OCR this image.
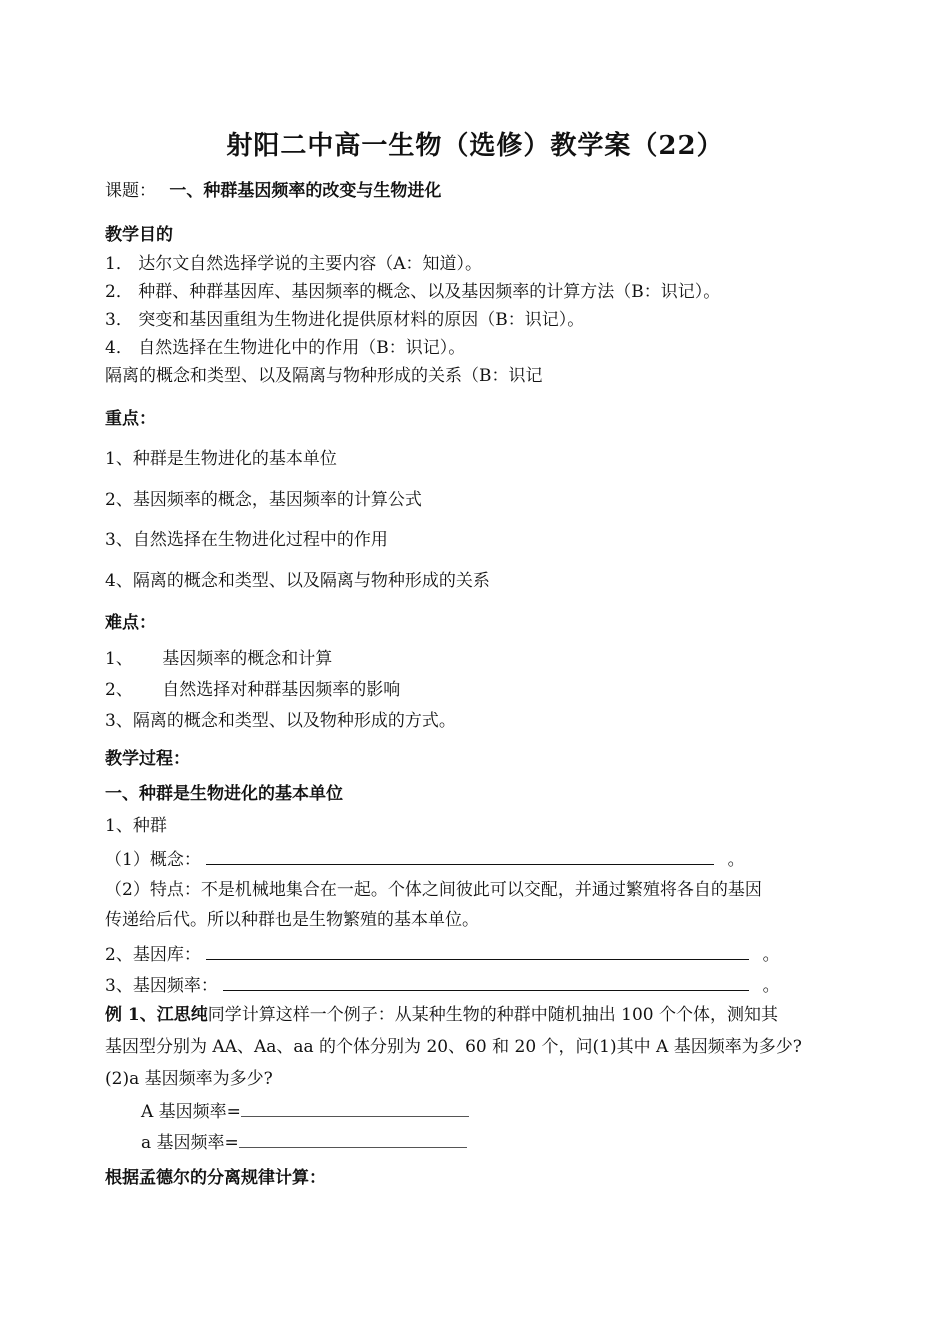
射阳二中高一生物（选修）教学案（22）
课题： 一、种群基因频率的改变与生物进化
教学目的
1． 达尔文自然选择学说的主要内容（A：知道）。
2． 种群、种群基因库、基因频率的概念、以及基因频率的计算方法（B：识记）。
3． 突变和基因重组为生物进化提供原材料的原因（B：识记）。
4． 自然选择在生物进化中的作用（B：识记）。
隔离的概念和类型、以及隔离与物种形成的关系（B：识记
重点：
1、种群是生物进化的基本单位
2、基因频率的概念，基因频率的计算公式
3、自然选择在生物进化过程中的作用
4、隔离的概念和类型、以及隔离与物种形成的关系
难点：
1、 基因频率的概念和计算
2、 自然选择对种群基因频率的影响
3、隔离的概念和类型、以及物种形成的方式。
教学过程：
一、种群是生物进化的基本单位
1、种群
（1）概念：	。
（2）特点：不是机械地集合在一起。个体之间彼此可以交配，并通过繁殖将各自的基因
传递给后代。所以种群也是生物繁殖的基本单位。
2、基因库：	。
3、基因频率：	。
例 1、江思纯同学计算这样一个例子：从某种生物的种群中随机抽出 100 个个体，测知其
基因型分别为 AA、Aa、aa 的个体分别为 20、60 和 20 个，问(1)其中 A 基因频率为多少?
(2)a 基因频率为多少?
A 基因频率=
a 基因频率=
根据孟德尔的分离规律计算：
